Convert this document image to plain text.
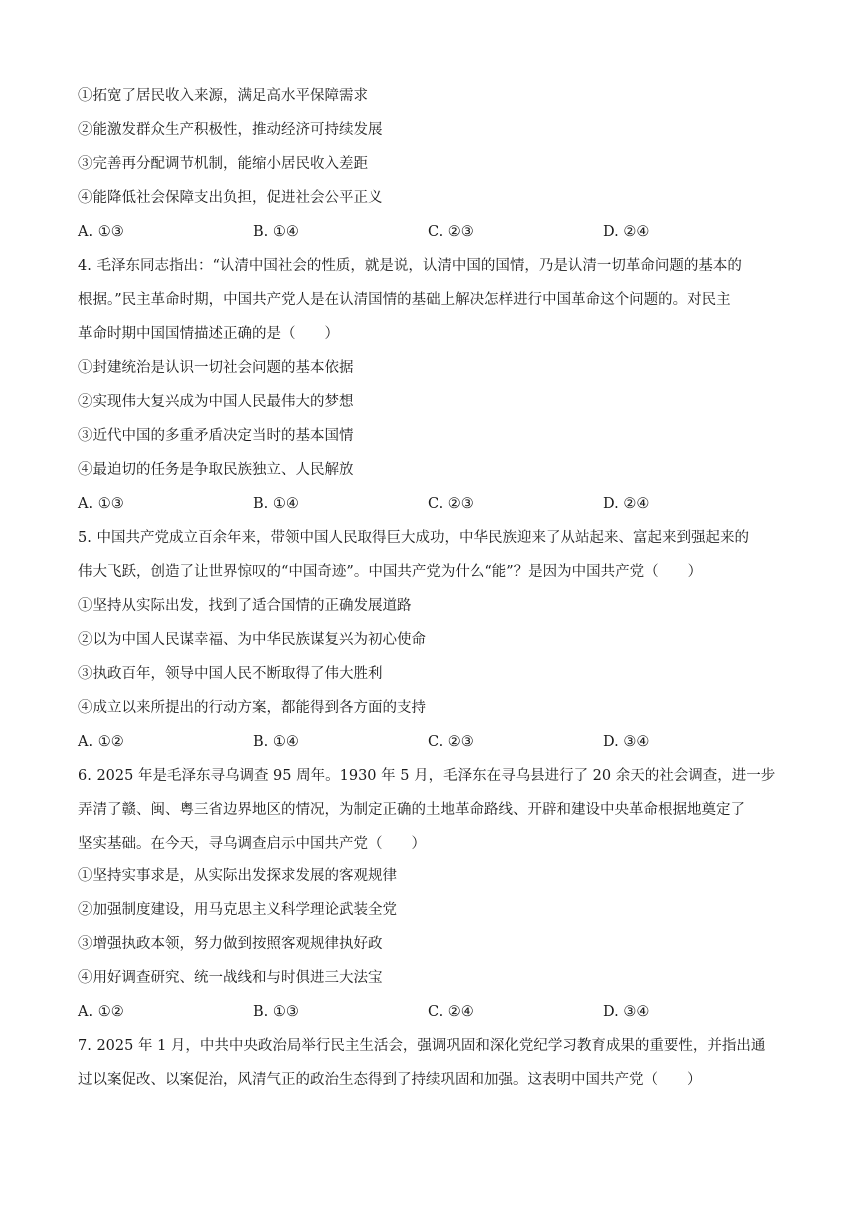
①拓宽了居民收入来源，满足高水平保障需求
②能激发群众生产积极性，推动经济可持续发展
③完善再分配调节机制，能缩小居民收入差距
④能降低社会保障支出负担，促进社会公平正义
A. ①③	B. ①④	C. ②③	D. ②④
4. 毛泽东同志指出：“认清中国社会的性质，就是说，认清中国的国情，乃是认清一切革命问题的基本的
根据。”民主革命时期，中国共产党人是在认清国情的基础上解决怎样进行中国革命这个问题的。对民主
革命时期中国国情描述正确的是（　　）
①封建统治是认识一切社会问题的基本依据
②实现伟大复兴成为中国人民最伟大的梦想
③近代中国的多重矛盾决定当时的基本国情
④最迫切的任务是争取民族独立、人民解放
A. ①③	B. ①④	C. ②③	D. ②④
5. 中国共产党成立百余年来，带领中国人民取得巨大成功，中华民族迎来了从站起来、富起来到强起来的
伟大飞跃，创造了让世界惊叹的“中国奇迹”。中国共产党为什么“能”？是因为中国共产党（　　）
①坚持从实际出发，找到了适合国情的正确发展道路
②以为中国人民谋幸福、为中华民族谋复兴为初心使命
③执政百年，领导中国人民不断取得了伟大胜利
④成立以来所提出的行动方案，都能得到各方面的支持
A. ①②	B. ①④	C. ②③	D. ③④
6. 2025 年是毛泽东寻乌调查 95 周年。1930 年 5 月，毛泽东在寻乌县进行了 20 余天的社会调查，进一步
弄清了赣、闽、粤三省边界地区的情况，为制定正确的土地革命路线、开辟和建设中央革命根据地奠定了
坚实基础。在今天，寻乌调查启示中国共产党（　　）
①坚持实事求是，从实际出发探求发展的客观规律
②加强制度建设，用马克思主义科学理论武装全党
③增强执政本领，努力做到按照客观规律执好政
④用好调查研究、统一战线和与时俱进三大法宝
A. ①②	B. ①③	C. ②④	D. ③④
7. 2025 年 1 月，中共中央政治局举行民主生活会，强调巩固和深化党纪学习教育成果的重要性，并指出通
过以案促改、以案促治，风清气正的政治生态得到了持续巩固和加强。这表明中国共产党（　　）
